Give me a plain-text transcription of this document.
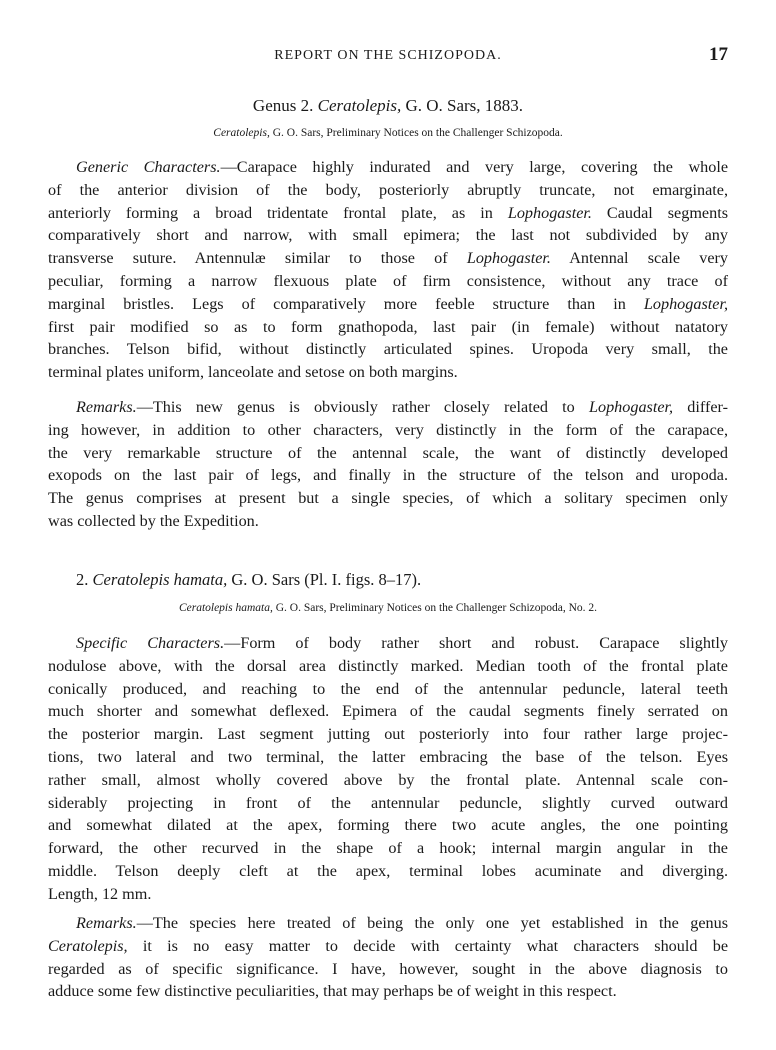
REPORT ON THE SCHIZOPODA.	17
Genus 2. Ceratolepis, G. O. Sars, 1883.
Ceratolepis, G. O. Sars, Preliminary Notices on the Challenger Schizopoda.
Generic Characters.—Carapace highly indurated and very large, covering the whole
of the anterior division of the body, posteriorly abruptly truncate, not emarginate,
anteriorly forming a broad tridentate frontal plate, as in Lophogaster. Caudal segments
comparatively short and narrow, with small epimera; the last not subdivided by any
transverse suture. Antennulæ similar to those of Lophogaster. Antennal scale very
peculiar, forming a narrow flexuous plate of firm consistence, without any trace of
marginal bristles. Legs of comparatively more feeble structure than in Lophogaster,
first pair modified so as to form gnathopoda, last pair (in female) without natatory
branches. Telson bifid, without distinctly articulated spines. Uropoda very small, the
terminal plates uniform, lanceolate and setose on both margins.
Remarks.—This new genus is obviously rather closely related to Lophogaster, differ-
ing however, in addition to other characters, very distinctly in the form of the carapace,
the very remarkable structure of the antennal scale, the want of distinctly developed
exopods on the last pair of legs, and finally in the structure of the telson and uropoda.
The genus comprises at present but a single species, of which a solitary specimen only
was collected by the Expedition.
2. Ceratolepis hamata, G. O. Sars (Pl. I. figs. 8–17).
Ceratolepis hamata, G. O. Sars, Preliminary Notices on the Challenger Schizopoda, No. 2.
Specific Characters.—Form of body rather short and robust. Carapace slightly
nodulose above, with the dorsal area distinctly marked. Median tooth of the frontal plate
conically produced, and reaching to the end of the antennular peduncle, lateral teeth
much shorter and somewhat deflexed. Epimera of the caudal segments finely serrated on
the posterior margin. Last segment jutting out posteriorly into four rather large projec-
tions, two lateral and two terminal, the latter embracing the base of the telson. Eyes
rather small, almost wholly covered above by the frontal plate. Antennal scale con-
siderably projecting in front of the antennular peduncle, slightly curved outward
and somewhat dilated at the apex, forming there two acute angles, the one pointing
forward, the other recurved in the shape of a hook; internal margin angular in the
middle. Telson deeply cleft at the apex, terminal lobes acuminate and diverging.
Length, 12 mm.
Remarks.—The species here treated of being the only one yet established in the genus
Ceratolepis, it is no easy matter to decide with certainty what characters should be
regarded as of specific significance. I have, however, sought in the above diagnosis to
adduce some few distinctive peculiarities, that may perhaps be of weight in this respect.
